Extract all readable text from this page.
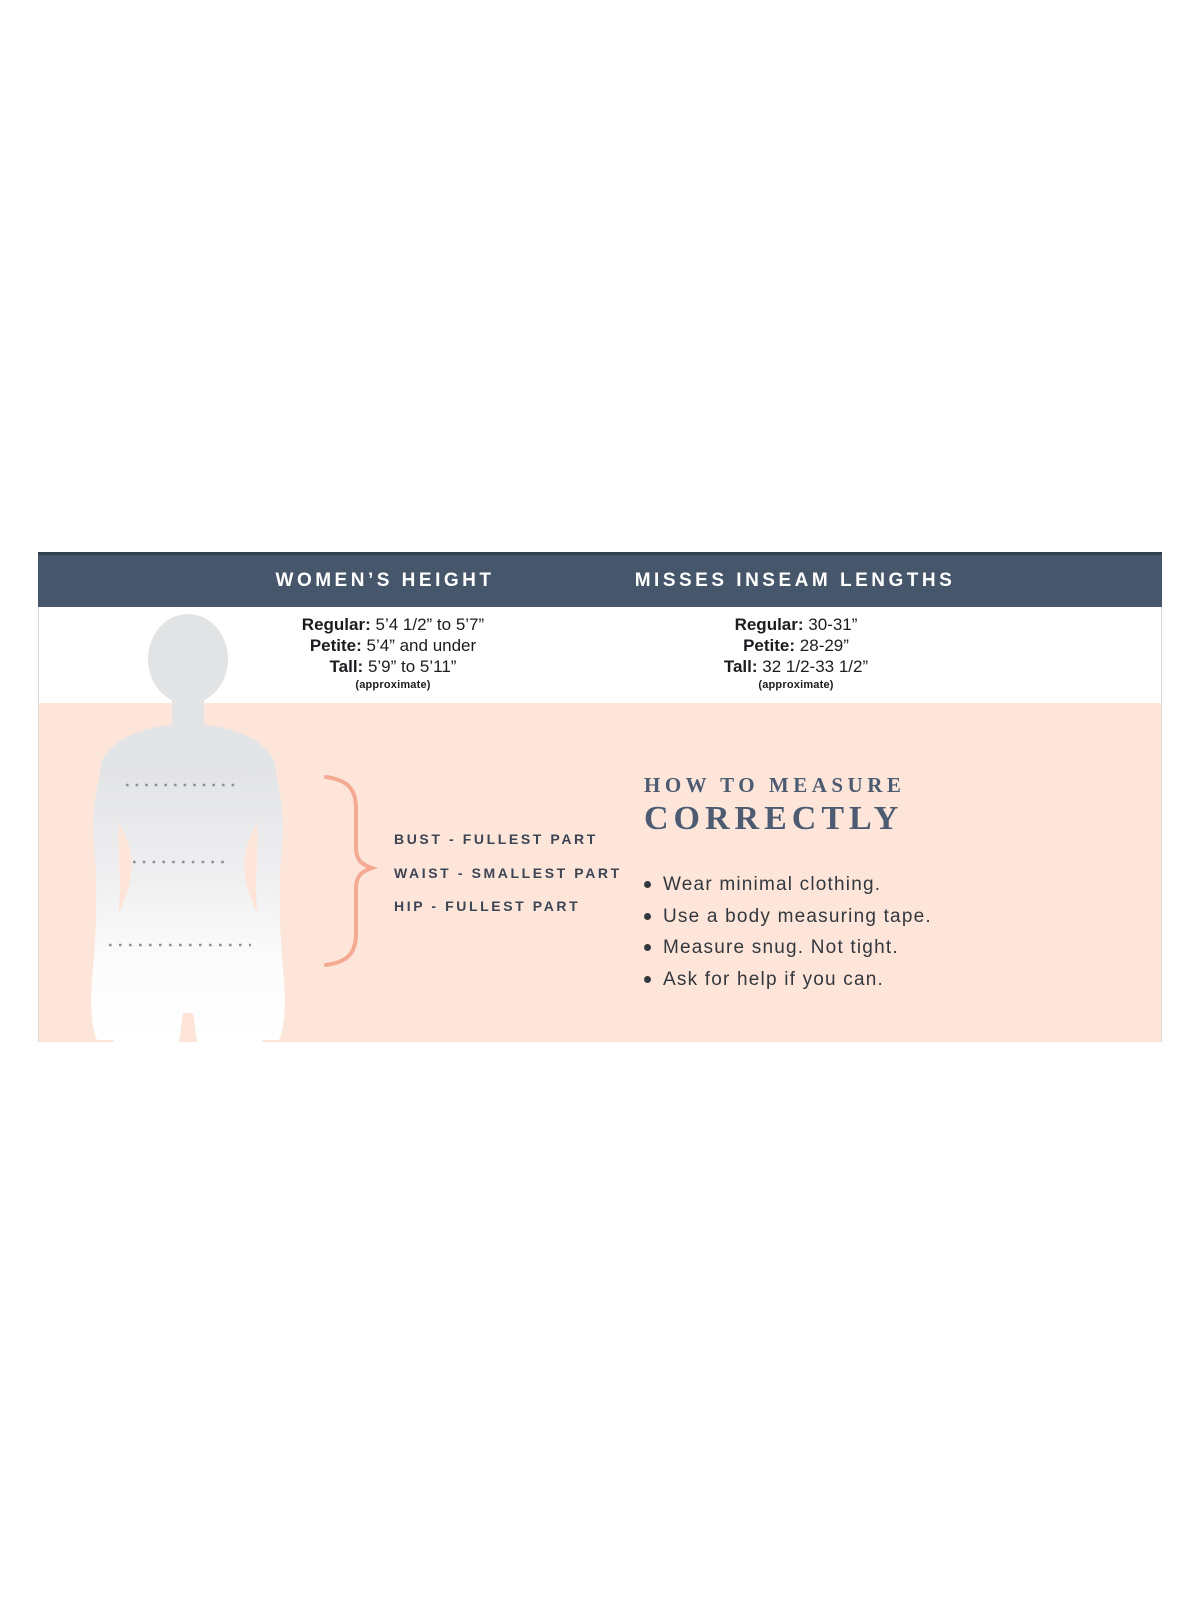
WOMEN’S HEIGHT	MISSES INSEAM LENGTHS
Regular: 5’4 1/2” to 5’7”
Petite: 5’4” and under
Tall: 5’9” to 5’11”
(approximate)
Regular: 30-31”
Petite: 28-29”
Tall: 32 1/2-33 1/2”
(approximate)
BUST - FULLEST PART
WAIST - SMALLEST PART
HIP - FULLEST PART
HOW TO MEASURE
CORRECTLY
Wear minimal clothing.
Use a body measuring tape.
Measure snug. Not tight.
Ask for help if you can.
